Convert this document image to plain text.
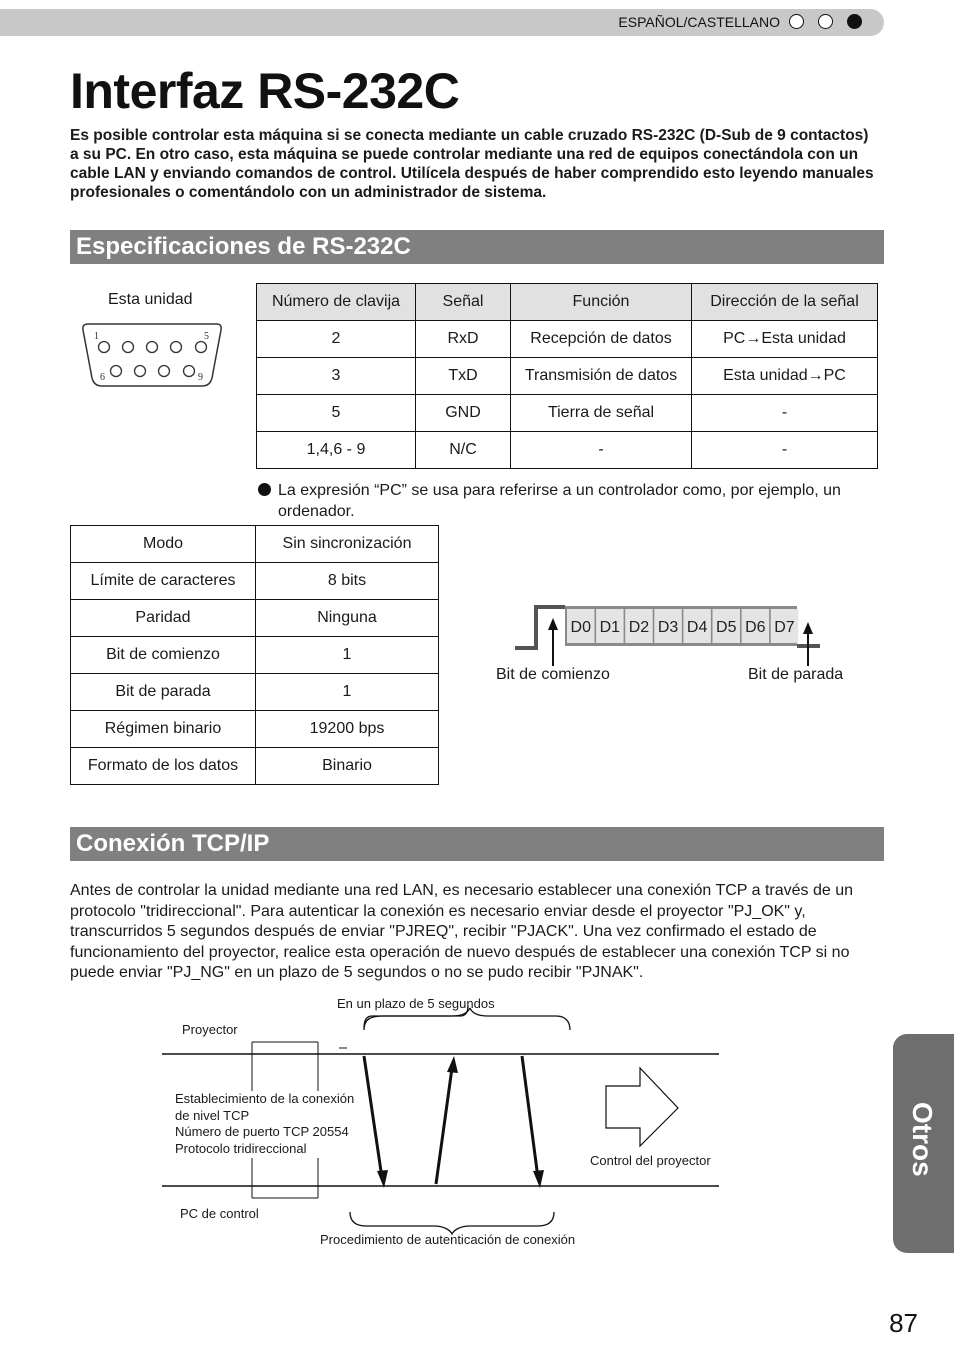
ESPAÑOL/CASTELLANO
Interfaz RS-232C

Es posible controlar esta máquina si se conecta mediante un cable cruzado RS-232C (D-Sub de 9 contactos) a su PC. En otro caso, esta máquina se puede controlar mediante una red de equipos conectándola con un cable LAN y enviando comandos de control. Utilícela después de haber comprendido esto leyendo manuales profesionales o comentándolo con un administrador de sistema.

Especificaciones de RS-232C
Esta unidad
1	5
6	9
Número de clavija	Señal	Función	Dirección de la señal
2	RxD	Recepción de datos	PC→Esta unidad
3	TxD	Transmisión de datos	Esta unidad→PC
5	GND	Tierra de señal	-
1,4,6 - 9	N/C	-	-
La expresión “PC” se usa para referirse a un controlador como, por ejemplo, un ordenador.
Modo	Sin sincronización
Límite de caracteres	8 bits
Paridad	Ninguna
Bit de comienzo	1
Bit de parada	1
Régimen binario	19200 bps
Formato de los datos	Binario
D0 D1 D2 D3 D4 D5 D6 D7
Bit de comienzo	Bit de parada
Conexión TCP/IP

Antes de controlar la unidad mediante una red LAN, es necesario establecer una conexión TCP a través de un protocolo "tridireccional". Para autenticar la conexión es necesario enviar desde el proyector "PJ_OK" y, transcurridos 5 segundos después de enviar "PJREQ", recibir "PJACK". Una vez confirmado el estado de funcionamiento del proyector, realice esta operación de nuevo después de establecer una conexión TCP si no puede enviar "PJ_NG" en un plazo de 5 segundos o no se pudo recibir "PJNAK".

En un plazo de 5 segundos
Proyector
Establecimiento de la conexión
de nivel TCP
Número de puerto TCP 20554
Protocolo tridireccional
Control del proyector
PC de control
Procedimiento de autenticación de conexión
Otros
87
